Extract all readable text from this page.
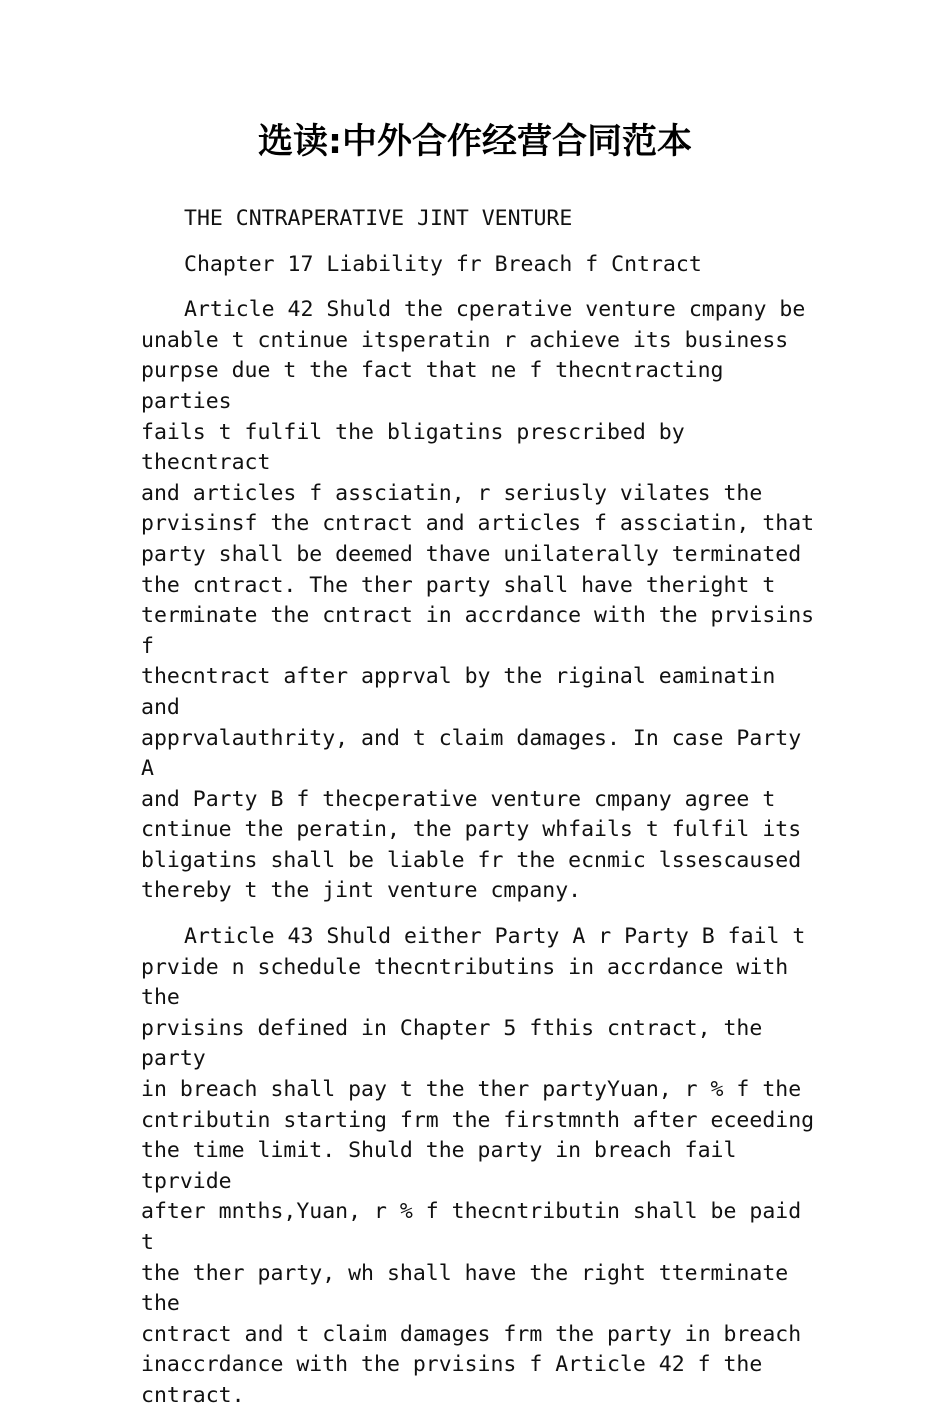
选读:中外合作经营合同范本

THE CNTRAPERATIVE JINT VENTURE

Chapter 17 Liability fr Breach f Cntract

Article 42 Shuld the cperative venture cmpany be
unable t cntinue itsperatin r achieve its business
purpse due t the fact that ne f thecntracting parties
fails t fulfil the bligatins prescribed by thecntract
and articles f assciatin, r seriusly vilates the
prvisinsf the cntract and articles f assciatin, that
party shall be deemed thave unilaterally terminated
the cntract. The ther party shall have theright t
terminate the cntract in accrdance with the prvisins f
thecntract after apprval by the riginal eaminatin and
apprvalauthrity, and t claim damages. In case Party A
and Party B f thecperative venture cmpany agree t
cntinue the peratin, the party whfails t fulfil its
bligatins shall be liable fr the ecnmic lssescaused
thereby t the jint venture cmpany.

Article 43 Shuld either Party A r Party B fail t
prvide n schedule thecntributins in accrdance with the
prvisins defined in Chapter 5 fthis cntract, the party
in breach shall pay t the ther partyYuan, r % f the
cntributin starting frm the firstmnth after eceeding
the time limit. Shuld the party in breach fail tprvide
after mnths,Yuan, r % f thecntributin shall be paid t
the ther party, wh shall have the right tterminate the
cntract and t claim damages frm the party in breach
inaccrdance with the prvisins f Article 42 f the
cntract.
